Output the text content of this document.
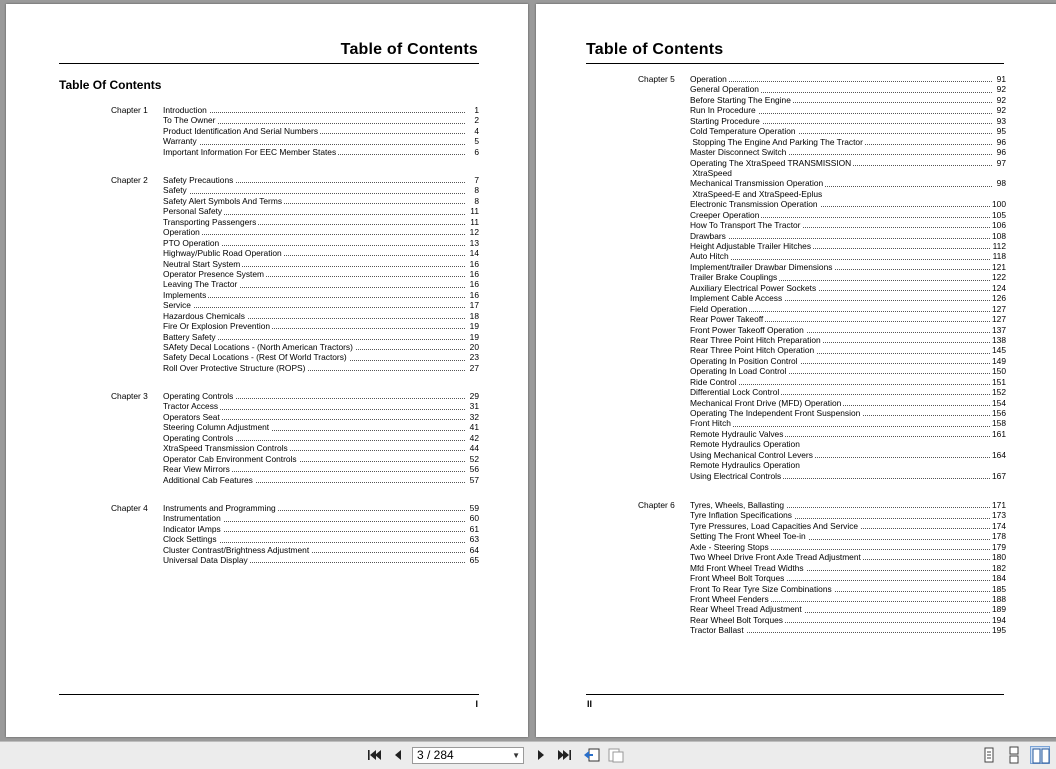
Table of Contents
Table Of Contents
Chapter 1 Introduction	1
To The Owner	2
Product Identification And Serial Numbers	4
Warranty	5
Important Information For EEC Member States	6
Chapter 2 Safety Precautions	7
Safety	8
Safety Alert Symbols And Terms	8
Personal Safety	11
Transporting Passengers	11
Operation	12
PTO Operation	13
Highway/Public Road Operation	14
Neutral Start System	16
Operator Presence System	16
Leaving The Tractor	16
Implements	16
Service	17
Hazardous Chemicals	18
Fire Or Explosion Prevention	19
Battery Safety	19
SAfety Decal Locations - (North American Tractors)	20
Safety Decal Locations - (Rest Of World Tractors)	23
Roll Over Protective Structure (ROPS)	27
Chapter 3 Operating Controls	29
Tractor Access	31
Operators Seat	32
Steering Column Adjustment	41
Operating Controls	42
XtraSpeed Transmission Controls	44
Operator Cab Environment Controls	52
Rear View Mirrors	56
Additional Cab Features	57
Chapter 4 Instruments and Programming	59
Instrumentation	60
Indicator lAmps	61
Clock Settings	63
Cluster Contrast/Brightness Adjustment	64
Universal Data Display	65
I
Table of Contents
Chapter 5 Operation	91
General Operation	92
Before Starting The Engine	92
Run In Procedure	92
Starting Procedure	93
Cold Temperature Operation	95
Stopping The Engine And Parking The Tractor	96
Master Disconnect Switch	96
Operating The XtraSpeed TRANSMISSION	97
XtraSpeed
Mechanical Transmission Operation	98
XtraSpeed-E and XtraSpeed-Eplus
Electronic Transmission Operation	100
Creeper Operation	105
How To Transport The Tractor	106
Drawbars	108
Height Adjustable Trailer Hitches	112
Auto Hitch	118
Implement/trailer Drawbar Dimensions	121
Trailer Brake Couplings	122
Auxiliary Electrical Power Sockets	124
Implement Cable Access	126
Field Operation	127
Rear Power Takeoff	127
Front Power Takeoff Operation	137
Rear Three Point Hitch Preparation	138
Rear Three Point Hitch Operation	145
Operating In Position Control	149
Operating In Load Control	150
Ride Control	151
Differential Lock Control	152
Mechanical Front Drive (MFD) Operation	154
Operating The Independent Front Suspension	156
Front Hitch	158
Remote Hydraulic Valves	161
Remote Hydraulics Operation
Using Mechanical Control Levers	164
Remote Hydraulics Operation
Using Electrical Controls	167
Chapter 6 Tyres, Wheels, Ballasting	171
Tyre Inflation Specifications	173
Tyre Pressures, Load Capacities And Service	174
Setting The Front Wheel Toe-in	178
Axle - Steering Stops	179
Two Wheel Drive Front Axle Tread Adjustment	180
Mfd Front Wheel Tread Widths	182
Front Wheel Bolt Torques	184
Front To Rear Tyre Size Combinations	185
Front Wheel Fenders	188
Rear Wheel Tread Adjustment	189
Rear Wheel Bolt Torques	194
Tractor Ballast	195
II
3 / 284	▼
